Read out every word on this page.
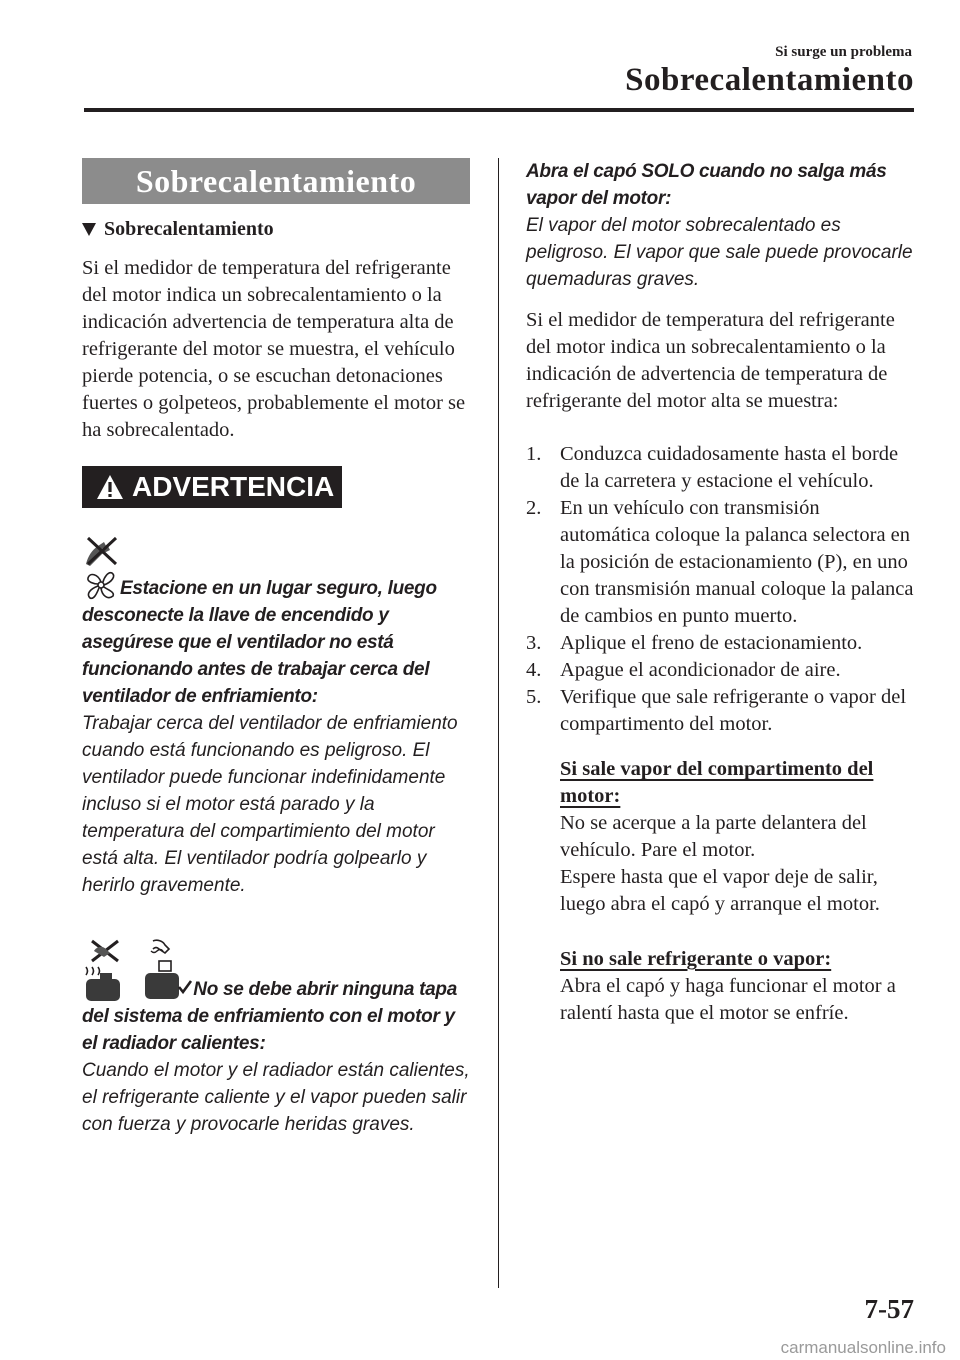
Si surge un problema
Sobrecalentamiento
Sobrecalentamiento
Sobrecalentamiento

Si el medidor de temperatura del refrigerante del motor indica un sobrecalentamiento o la indicación advertencia de temperatura alta de refrigerante del motor se muestra, el vehículo pierde potencia, o se escuchan detonaciones fuertes o golpeteos, probablemente el motor se ha sobrecalentado.

ADVERTENCIA
Estacione en un lugar seguro, luego desconecte la llave de encendido y asegúrese que el ventilador no está funcionando antes de trabajar cerca del ventilador de enfriamiento:
Trabajar cerca del ventilador de enfriamiento cuando está funcionando es peligroso. El ventilador puede funcionar indefinidamente incluso si el motor está parado y la temperatura del compartimiento del motor está alta. El ventilador podría golpearlo y herirlo gravemente.
No se debe abrir ninguna tapa del sistema de enfriamiento con el motor y el radiador calientes:
Cuando el motor y el radiador están calientes, el refrigerante caliente y el vapor pueden salir con fuerza y provocarle heridas graves.
Abra el capó SOLO cuando no salga más vapor del motor:
El vapor del motor sobrecalentado es peligroso. El vapor que sale puede provocarle quemaduras graves.

Si el medidor de temperatura del refrigerante del motor indica un sobrecalentamiento o la indicación de advertencia de temperatura de refrigerante del motor alta se muestra:

1. Conduzca cuidadosamente hasta el borde de la carretera y estacione el vehículo.
2. En un vehículo con transmisión automática coloque la palanca selectora en la posición de estacionamiento (P), en uno con transmisión manual coloque la palanca de cambios en punto muerto.
3. Aplique el freno de estacionamiento.
4. Apague el acondicionador de aire.
5. Verifique que sale refrigerante o vapor del compartimento del motor.
Si sale vapor del compartimento del motor:
No se acerque a la parte delantera del vehículo. Pare el motor.
Espere hasta que el vapor deje de salir, luego abra el capó y arranque el motor.
Si no sale refrigerante o vapor:
Abra el capó y haga funcionar el motor a ralentí hasta que el motor se enfríe.
7-57
carmanualsonline.info
